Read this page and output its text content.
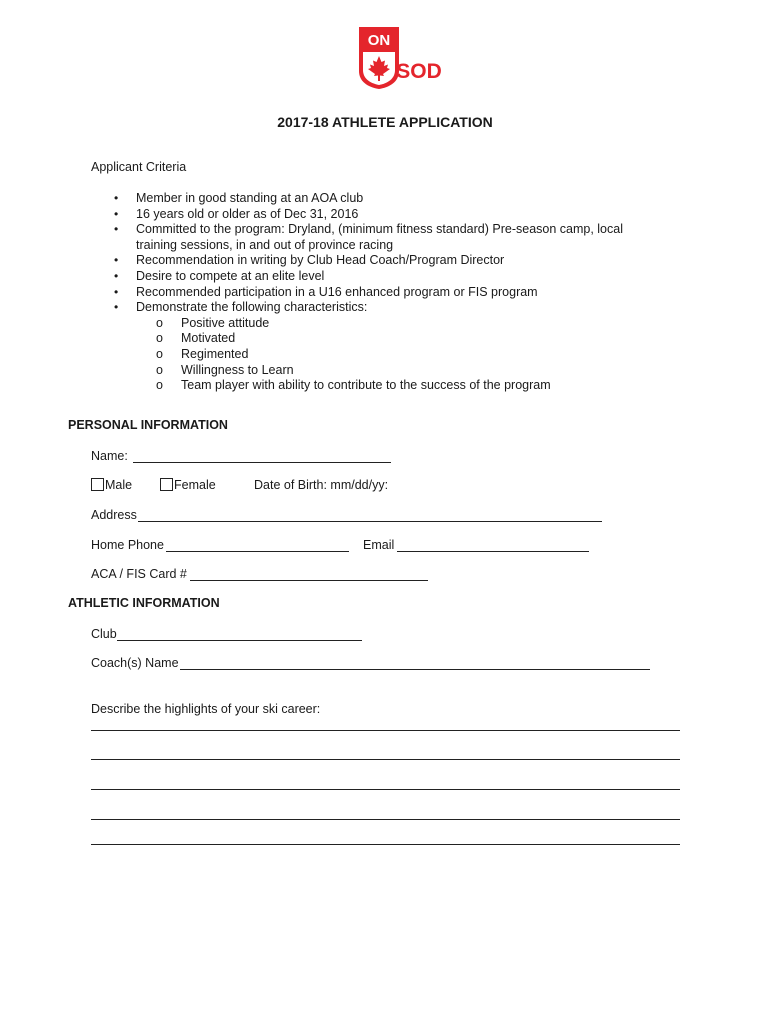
ON
SOD
2017-18 ATHLETE APPLICATION
Applicant Criteria
• Member in good standing at an AOA club
• 16 years old or older as of Dec 31, 2016
• Committed to the program: Dryland, (minimum fitness standard) Pre-season camp, local training sessions, in and out of province racing
• Recommendation in writing by Club Head Coach/Program Director
• Desire to compete at an elite level
• Recommended participation in a U16 enhanced program or FIS program
• Demonstrate the following characteristics:
o Positive attitude
o Motivated
o Regimented
o Willingness to Learn
o Team player with ability to contribute to the success of the program
PERSONAL INFORMATION
Name:
Male	Female	Date of Birth: mm/dd/yy:
Address
Home Phone	Email
ACA / FIS Card #
ATHLETIC INFORMATION
Club
Coach(s) Name
Describe the highlights of your ski career:
